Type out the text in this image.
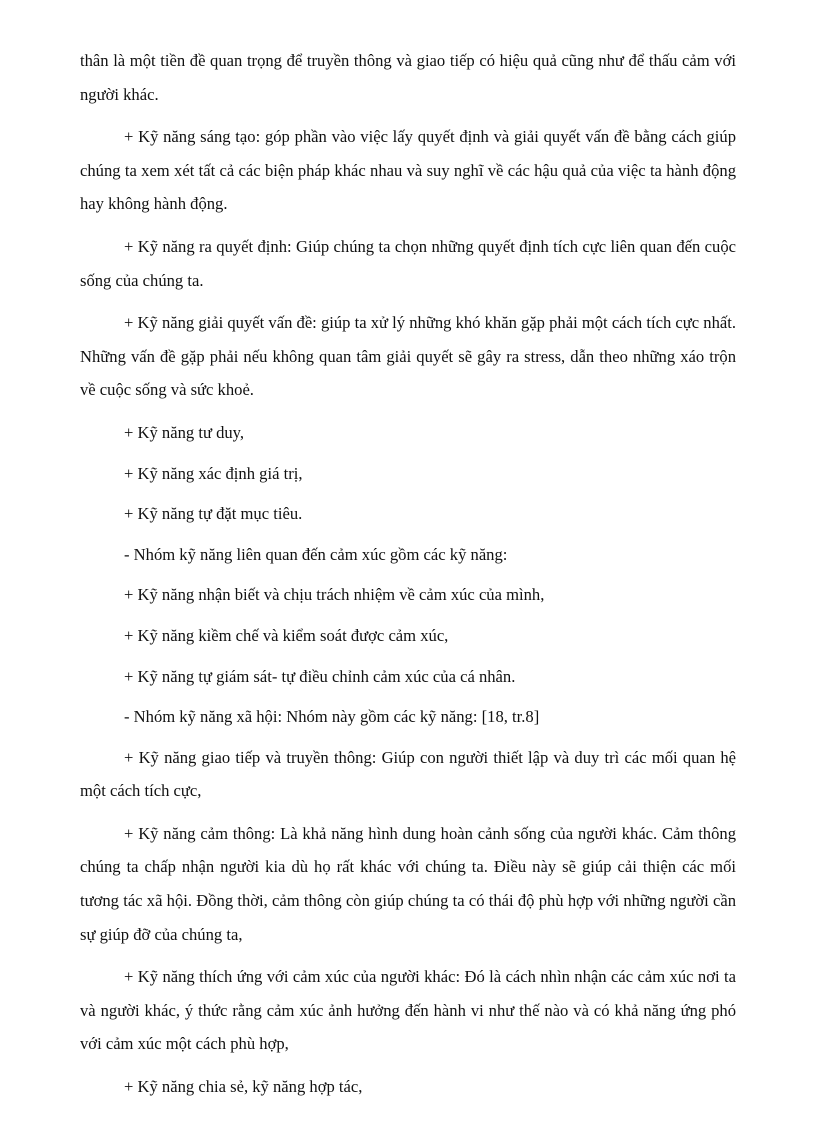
thân là một tiền đề quan trọng để truyền thông và giao tiếp có hiệu quả cũng như để thấu cảm với người khác.

+ Kỹ năng sáng tạo: góp phần vào việc lấy quyết định và giải quyết vấn đề bằng cách giúp chúng ta xem xét tất cả các biện pháp khác nhau và suy nghĩ về các hậu quả của việc ta hành động hay không hành động.

+ Kỹ năng ra quyết định: Giúp chúng ta chọn những quyết định tích cực liên quan đến cuộc sống của chúng ta.

+ Kỹ năng giải quyết vấn đề: giúp ta xử lý những khó khăn gặp phải một cách tích cực nhất. Những vấn đề gặp phải nếu không quan tâm giải quyết sẽ gây ra stress, dẫn theo những xáo trộn về cuộc sống và sức khoẻ.

+ Kỹ năng tư duy,

+ Kỹ năng xác định giá trị,

+ Kỹ năng tự đặt mục tiêu.

- Nhóm kỹ năng liên quan đến cảm xúc gồm các kỹ năng:

+ Kỹ năng nhận biết và chịu trách nhiệm về cảm xúc của mình,

+ Kỹ năng kiềm chế và kiểm soát được cảm xúc,

+ Kỹ năng tự giám sát- tự điều chỉnh cảm xúc của cá nhân.

- Nhóm kỹ năng xã hội: Nhóm này gồm các kỹ năng: [18, tr.8]

+ Kỹ năng giao tiếp và truyền thông: Giúp con người thiết lập và duy trì các mối quan hệ một cách tích cực,

+ Kỹ năng cảm thông: Là khả năng hình dung hoàn cảnh sống của người khác. Cảm thông chúng ta chấp nhận người kia dù họ rất khác với chúng ta. Điều này sẽ giúp cải thiện các mối tương tác xã hội. Đồng thời, cảm thông còn giúp chúng ta có thái độ phù hợp với những người cần sự giúp đỡ của chúng ta,

+ Kỹ năng thích ứng với cảm xúc của người khác: Đó là cách nhìn nhận các cảm xúc nơi ta và người khác, ý thức rằng cảm xúc ảnh hưởng đến hành vi như thế nào và có khả năng ứng phó với cảm xúc một cách phù hợp,

+ Kỹ năng chia sẻ, kỹ năng hợp tác,
